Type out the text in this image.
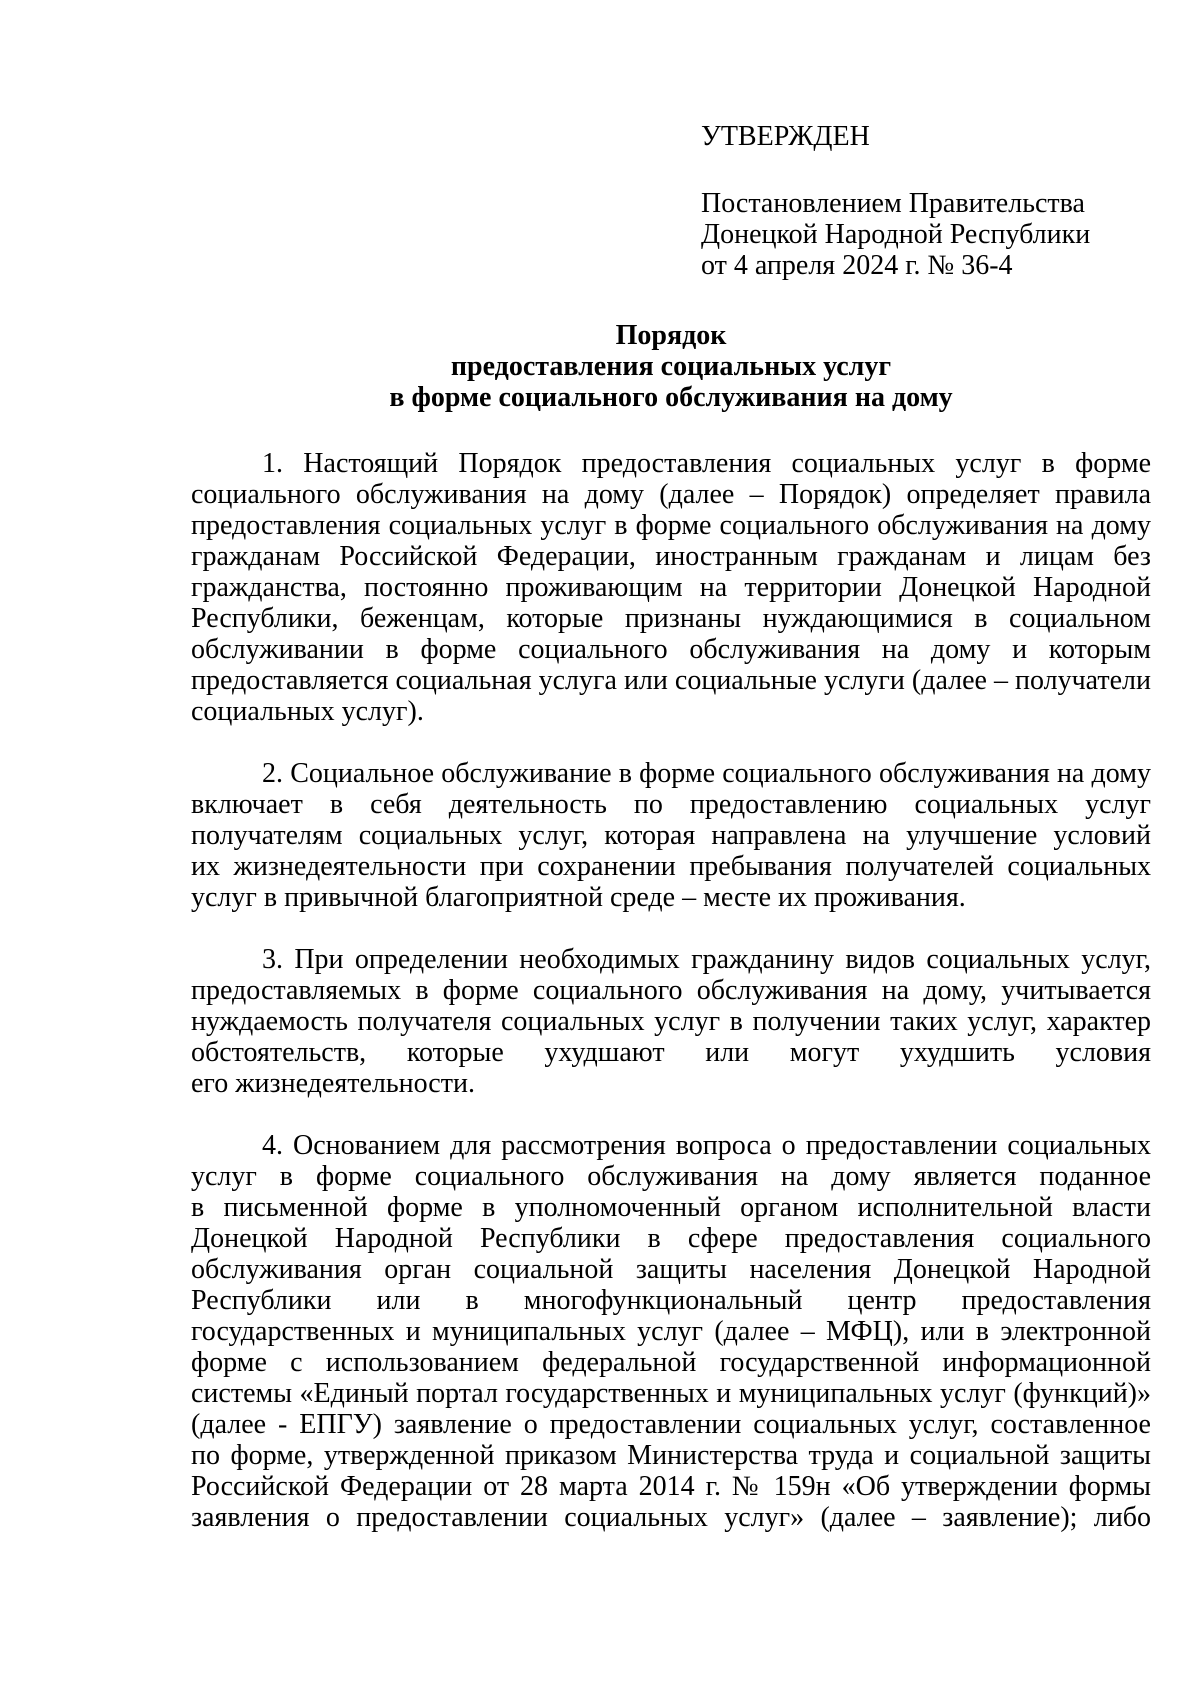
УТВЕРЖДЕН
Постановлением Правительства
Донецкой Народной Республики
от 4 апреля 2024 г. № 36-4
Порядок
предоставления социальных услуг
в форме социального обслуживания на дому
1. Настоящий Порядок предоставления социальных услуг в форме
социального обслуживания на дому (далее – Порядок) определяет правила
предоставления социальных услуг в форме социального обслуживания на дому
гражданам Российской Федерации, иностранным гражданам и лицам без
гражданства, постоянно проживающим на территории Донецкой Народной
Республики, беженцам, которые признаны нуждающимися в социальном
обслуживании в форме социального обслуживания на дому и которым
предоставляется социальная услуга или социальные услуги (далее – получатели
социальных услуг).
2. Социальное обслуживание в форме социального обслуживания на дому
включает в себя деятельность по предоставлению социальных услуг
получателям социальных услуг, которая направлена на улучшение условий
их жизнедеятельности при сохранении пребывания получателей социальных
услуг в привычной благоприятной среде – месте их проживания.
3. При определении необходимых гражданину видов социальных услуг,
предоставляемых в форме социального обслуживания на дому, учитывается
нуждаемость получателя социальных услуг в получении таких услуг, характер
обстоятельств, которые ухудшают или могут ухудшить условия
его жизнедеятельности.
4. Основанием для рассмотрения вопроса о предоставлении социальных
услуг в форме социального обслуживания на дому является поданное
в письменной форме в уполномоченный органом исполнительной власти
Донецкой Народной Республики в сфере предоставления социального
обслуживания орган социальной защиты населения Донецкой Народной
Республики или в многофункциональный центр предоставления
государственных и муниципальных услуг (далее – МФЦ), или в электронной
форме с использованием федеральной государственной информационной
системы «Единый портал государственных и муниципальных услуг (функций)»
(далее - ЕПГУ) заявление о предоставлении социальных услуг, составленное
по форме, утвержденной приказом Министерства труда и социальной защиты
Российской Федерации от 28 марта 2014 г. № 159н «Об утверждении формы
заявления о предоставлении социальных услуг» (далее – заявление); либо
